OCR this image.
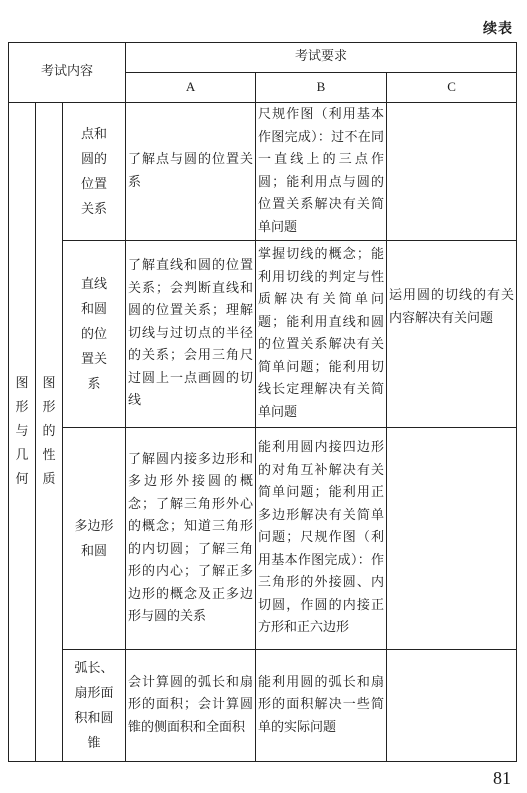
续表
考试内容			考试要求		
			A	B	C
图形与几何	图形的性质	点和圆的位置关系	了解点与圆的位置关系	尺规作图（利用基本作图完成）：过不在同一直线上的三点作圆；能利用点与圆的位置关系解决有关简单问题	
		直线和圆的位置关系	了解直线和圆的位置关系；会判断直线和圆的位置关系；理解切线与过切点的半径的关系；会用三角尺过圆上一点画圆的切线	掌握切线的概念；能利用切线的判定与性质解决有关简单问题；能利用直线和圆的位置关系解决有关简单问题；能利用切线长定理解决有关简单问题	运用圆的切线的有关内容解决有关问题
		多边形和圆	了解圆内接多边形和多边形外接圆的概念；了解三角形外心的概念；知道三角形的内切圆；了解三角形的内心；了解正多边形的概念及正多边形与圆的关系	能利用圆内接四边形的对角互补解决有关简单问题；能利用正多边形解决有关简单问题；尺规作图（利用基本作图完成）：作三角形的外接圆、内切圆，作圆的内接正方形和正六边形	
		弧长、扇形面积和圆锥	会计算圆的弧长和扇形的面积；会计算圆锥的侧面积和全面积	能利用圆的弧长和扇形的面积解决一些简单的实际问题	
81
